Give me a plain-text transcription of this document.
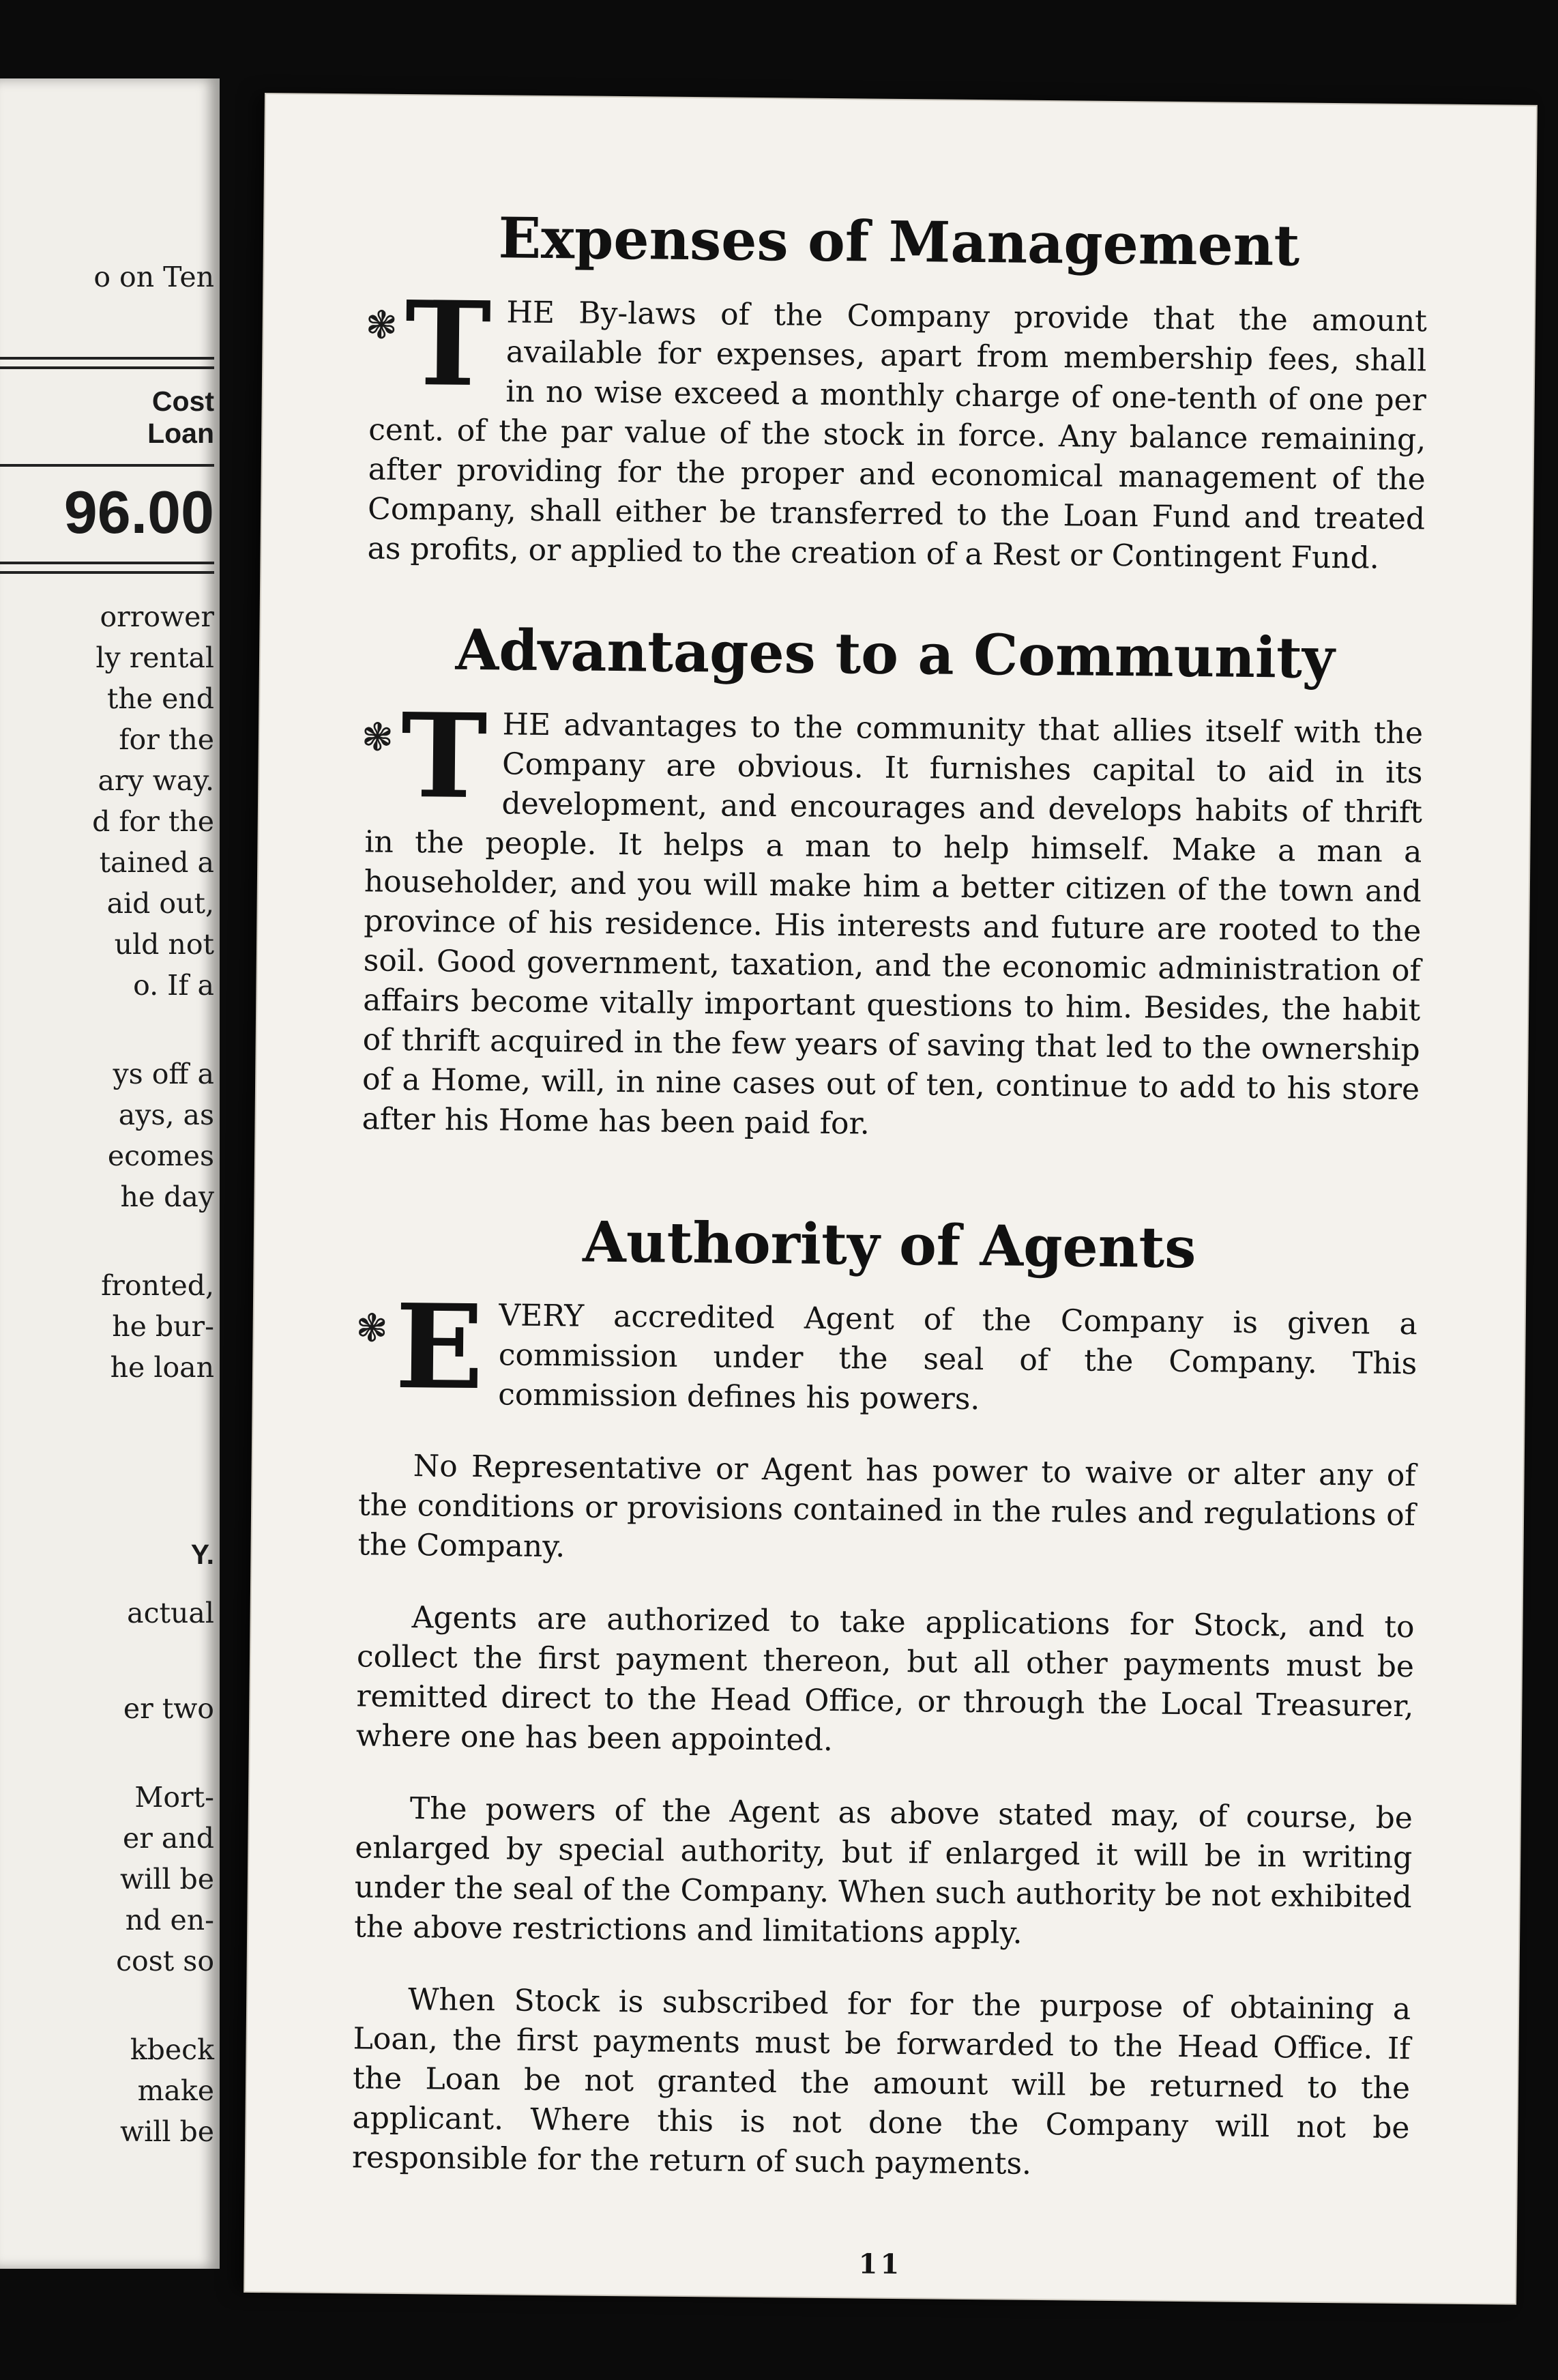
o on Ten
Cost
Loan
96.00
orrower
ly rental
the end
for the
ary way.
d for the
tained a
aid out,
uld not
o. If a
ys off a
ays, as
ecomes
he day
fronted,
he bur-
he loan
Y.
actual
er two
Mort-
er and
will be
nd en-
cost so
kbeck
make
will be
Expenses of Management
❃ T HE By-laws of the Company provide that the amount available for expenses, apart from membership fees, shall in no wise exceed a monthly charge of one-tenth of one per cent. of the par value of the stock in force. Any balance remaining, after providing for the proper and economical management of the Company, shall either be transferred to the Loan Fund and treated as profits, or applied to the creation of a Rest or Contingent Fund.

Advantages to a Community
❃ T HE advantages to the community that allies itself with the Company are obvious. It furnishes capital to aid in its development, and encourages and develops habits of thrift in the people. It helps a man to help himself. Make a man a householder, and you will make him a better citizen of the town and province of his residence. His interests and future are rooted to the soil. Good government, taxation, and the economic administration of affairs become vitally important questions to him. Besides, the habit of thrift acquired in the few years of saving that led to the ownership of a Home, will, in nine cases out of ten, continue to add to his store after his Home has been paid for.

Authority of Agents
❃ E VERY accredited Agent of the Company is given a commission under the seal of the Company. This commission defines his powers.

No Representative or Agent has power to waive or alter any of the conditions or provisions contained in the rules and regulations of the Company.

Agents are authorized to take applications for Stock, and to collect the first payment thereon, but all other payments must be remitted direct to the Head Office, or through the Local Treasurer, where one has been appointed.

The powers of the Agent as above stated may, of course, be enlarged by special authority, but if enlarged it will be in writing under the seal of the Company. When such authority be not exhibited the above restrictions and limitations apply.

When Stock is subscribed for for the purpose of obtaining a Loan, the first payments must be forwarded to the Head Office. If the Loan be not granted the amount will be returned to the applicant. Where this is not done the Company will not be responsible for the return of such payments.

11
